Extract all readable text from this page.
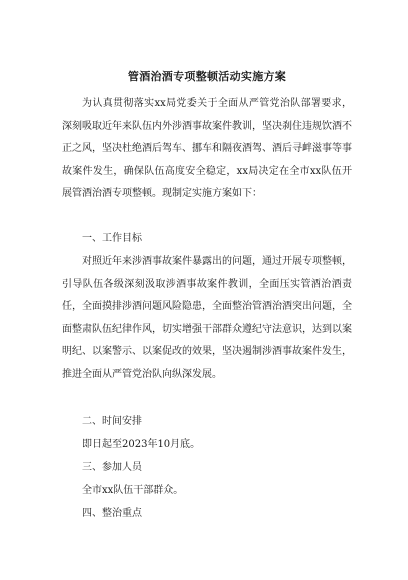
管酒治酒专项整顿活动实施方案

为认真贯彻落实xx局党委关于全面从严管党治队部署要求，深刻吸取近年来队伍内外涉酒事故案件教训，坚决刹住违规饮酒不正之风，坚决杜绝酒后驾车、挪车和隔夜酒驾、酒后寻衅滋事等事故案件发生，确保队伍高度安全稳定，xx局决定在全市xx队伍开展管酒治酒专项整顿。现制定实施方案如下：

一、工作目标

对照近年来涉酒事故案件暴露出的问题，通过开展专项整顿，引导队伍各级深刻汲取涉酒事故案件教训，全面压实管酒治酒责任，全面摸排涉酒问题风险隐患，全面整治管酒治酒突出问题，全面整肃队伍纪律作风，切实增强干部群众遵纪守法意识，达到以案明纪、以案警示、以案促改的效果，坚决遏制涉酒事故案件发生，推进全面从严管党治队向纵深发展。

二、时间安排

即日起至2023年10月底。

三、参加人员

全市xx队伍干部群众。

四、整治重点
